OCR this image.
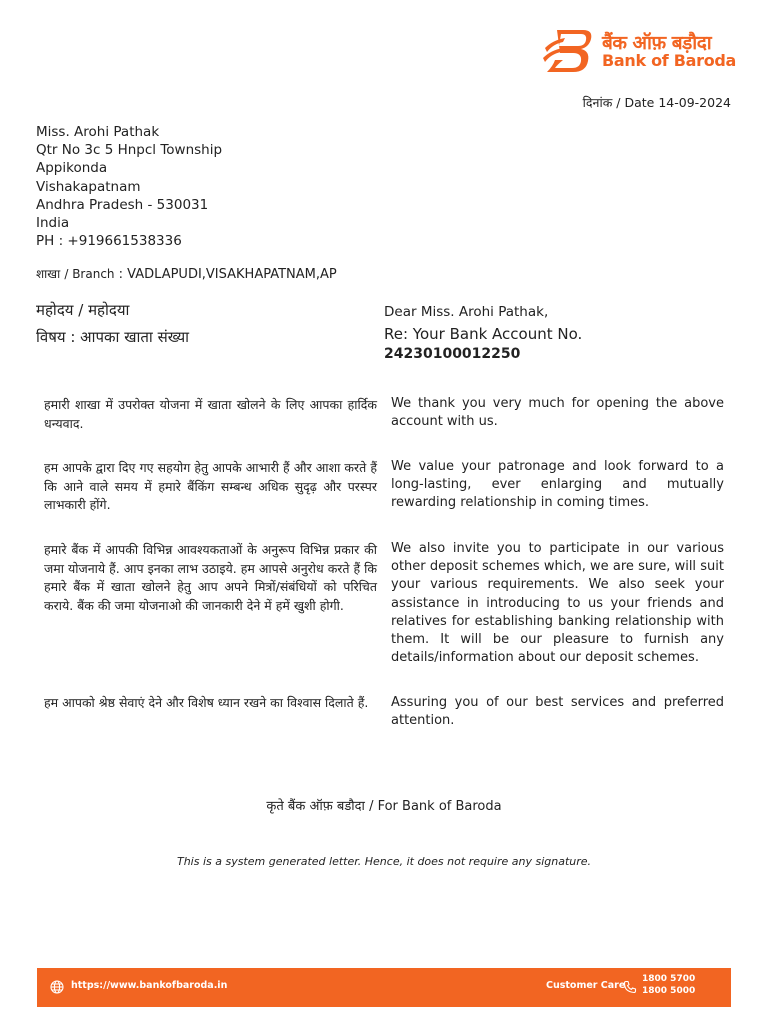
बैंक ऑफ़ बड़ौदा
Bank of Baroda
दिनांक / Date 14-09-2024
Miss. Arohi Pathak
Qtr No 3c 5 Hnpcl Township
Appikonda
Vishakapatnam
Andhra Pradesh - 530031
India
PH : +919661538336
शाखा / Branch : VADLAPUDI,VISAKHAPATNAM,AP
महोदय / महोदया
विषय : आपका खाता संख्या
Dear Miss. Arohi Pathak,
Re: Your Bank Account No.
24230100012250

हमारी शाखा में उपरोक्त योजना में खाता खोलने के लिए आपका हार्दिक धन्यवाद.

We thank you very much for opening the above account with us.

हम आपके द्वारा दिए गए सहयोग हेतु आपके आभारी हैं और आशा करते हैं कि आने वाले समय में हमारे बैंकिंग सम्बन्ध अधिक सुदृढ़ और परस्पर लाभकारी होंगे.

We value your patronage and look forward to a long-lasting, ever enlarging and mutually rewarding relationship in coming times.

हमारे बैंक में आपकी विभिन्न आवश्यकताओं के अनुरूप विभिन्न प्रकार की जमा योजनाये हैं. आप इनका लाभ उठाइये. हम आपसे अनुरोध करते हैं कि हमारे बैंक में खाता खोलने हेतु आप अपने मित्रों/संबंधियों को परिचित कराये. बैंक की जमा योजनाओ की जानकारी देने में हमें खुशी होगी.

We also invite you to participate in our various other deposit schemes which, we are sure, will suit your various requirements. We also seek your assistance in introducing to us your friends and relatives for establishing banking relationship with them. It will be our pleasure to furnish any details/information about our deposit schemes.

हम आपको श्रेष्ठ सेवाएं देने और विशेष ध्यान रखने का विश्वास दिलाते हैं.	Assuring you of our best services and preferred attention.

कृते बैंक ऑफ़ बडौदा / For Bank of Baroda
This is a system generated letter. Hence, it does not require any signature.
https://www.bankofbaroda.in	Customer Care
1800 5700
1800 5000
